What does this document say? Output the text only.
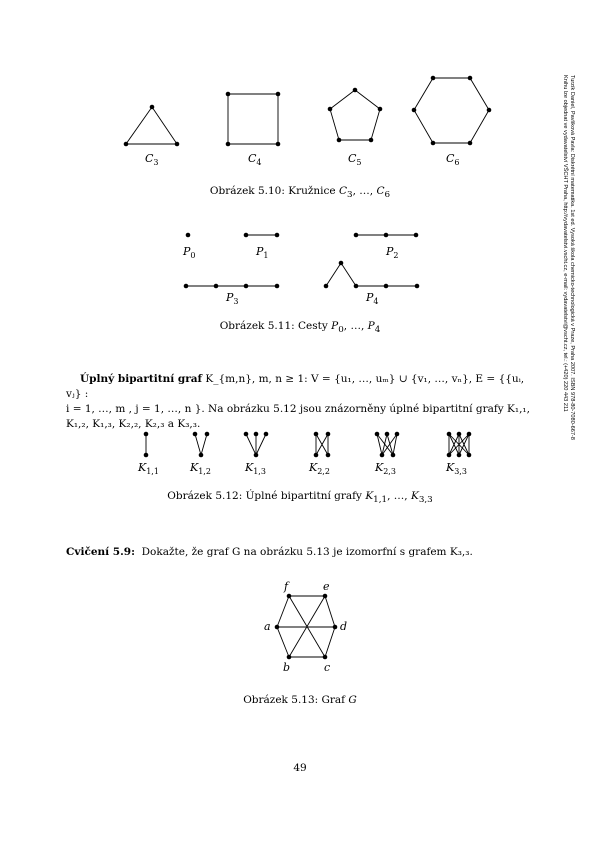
Turzík Daniel, Pavlíková Pavla: Diskrétní matematika. 1st ed. Vysoká škola chemicko-technologická v Praze, Praha 2007. ISBN 978-80-7080-667-8
Knihu lze objednat ve vydavatelství VŠCHT Praha, http://vydavatelstvi.vscht.cz, e-mail: vydavatelstvi@vscht.cz, tel.: (+420) 220 443 211
$C_3$	$C_4$	$C_5$	$C_6$
Obrázek 5.10: Kružnice $C_3$, …, $C_6$
$P_0$	$P_1$	$P_2$
$P_3$	$P_4$
Obrázek 5.11: Cesty $P_0$, …, $P_4$
Úplný bipartitní graf K_{m,n}, m, n ≥ 1: V = {u₁, …, uₘ} ∪ {v₁, …, vₙ}, E = {{uᵢ, vⱼ} :
i = 1, …, m , j = 1, …, n }. Na obrázku 5.12 jsou znázorněny úplné bipartitní grafy K₁,₁,
K₁,₂, K₁,₃, K₂,₂, K₂,₃ a K₃,₃.
$K_{1,1}$	$K_{1,2}$	$K_{1,3}$	$K_{2,2}$	$K_{2,3}$	$K_{3,3}$
Obrázek 5.12: Úplné bipartitní grafy $K_{1,1}$, …, $K_{3,3}$
Cvičení 5.9: Dokažte, že graf G na obrázku 5.13 je izomorfní s grafem K₃,₃.
f	e
a	d
b	c
Obrázek 5.13: Graf G
49
